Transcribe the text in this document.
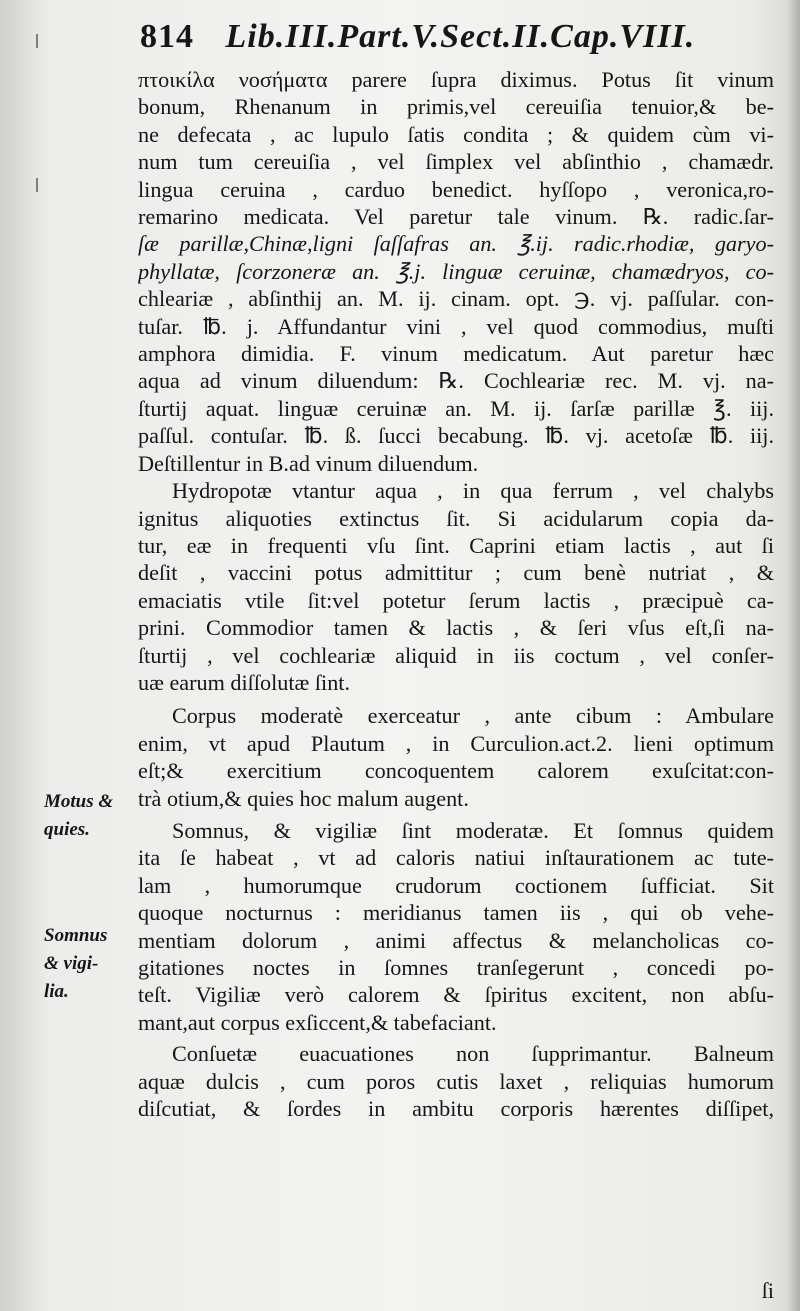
814 Lib.III.Part.V.Sect.II.Cap.VIII.
πτοικίλα νοσήματα parere ſupra diximus. Potus ſit vinum
bonum, Rhenanum in primis,vel cereuiſia tenuior,& be-
ne defecata , ac lupulo ſatis condita ; & quidem cùm vi-
num tum cereuiſia , vel ſimplex vel abſinthio , chamædr.
lingua ceruina , carduo benedict. hyſſopo , veronica,ro-
remarino medicata. Vel paretur tale vinum. ℞. radic.ſar-
ſæ parillæ,Chinæ,ligni ſaſſafras an. ℥.ij. radic.rhodiæ, garyo-
phyllatæ, ſcorzoneræ an. ℥.j. linguæ ceruinæ, chamædryos, co-
chleariæ , abſinthij an. M. ij. cinam. opt. ℈. vj. paſſular. con-
tuſar. ℔. j. Affundantur vini , vel quod commodius, muſti
amphora dimidia. F. vinum medicatum. Aut paretur hæc
aqua ad vinum diluendum: ℞. Cochleariæ rec. M. vj. na-
ſturtij aquat. linguæ ceruinæ an. M. ij. ſarſæ parillæ ℥. iij.
paſſul. contuſar. ℔. ß. ſucci becabung. ℔. vj. acetoſæ ℔. iij.
Deſtillentur in B.ad vinum diluendum.
Hydropotæ vtantur aqua , in qua ferrum , vel chalybs
ignitus aliquoties extinctus ſit. Si acidularum copia da-
tur, eæ in frequenti vſu ſint. Caprini etiam lactis , aut ſi
deſit , vaccini potus admittitur ; cum benè nutriat , &
emaciatis vtile ſit:vel potetur ſerum lactis , præcipuè ca-
prini. Commodior tamen & lactis , & ſeri vſus eſt,ſi na-
ſturtij , vel cochleariæ aliquid in iis coctum , vel conſer-
uæ earum diſſolutæ ſint.
Corpus moderatè exerceatur , ante cibum : Ambulare
enim, vt apud Plautum , in Curculion.act.2. lieni optimum
eſt;& exercitium concoquentem calorem exuſcitat:con-
trà otium,& quies hoc malum augent.
Somnus, & vigiliæ ſint moderatæ. Et ſomnus quidem
ita ſe habeat , vt ad caloris natiui inſtaurationem ac tute-
lam , humorumque crudorum coctionem ſufficiat. Sit
quoque nocturnus : meridianus tamen iis , qui ob vehe-
mentiam dolorum , animi affectus & melancholicas co-
gitationes noctes in ſomnes tranſegerunt , concedi po-
teſt. Vigiliæ verò calorem & ſpiritus excitent, non abſu-
mant,aut corpus exſiccent,& tabefaciant.
Conſuetæ euacuationes non ſupprimantur. Balneum
aquæ dulcis , cum poros cutis laxet , reliquias humorum
diſcutiat, & ſordes in ambitu corporis hærentes diſſipet,
Motus &
quies.
Somnus
& vigi-
lia.
ſi
